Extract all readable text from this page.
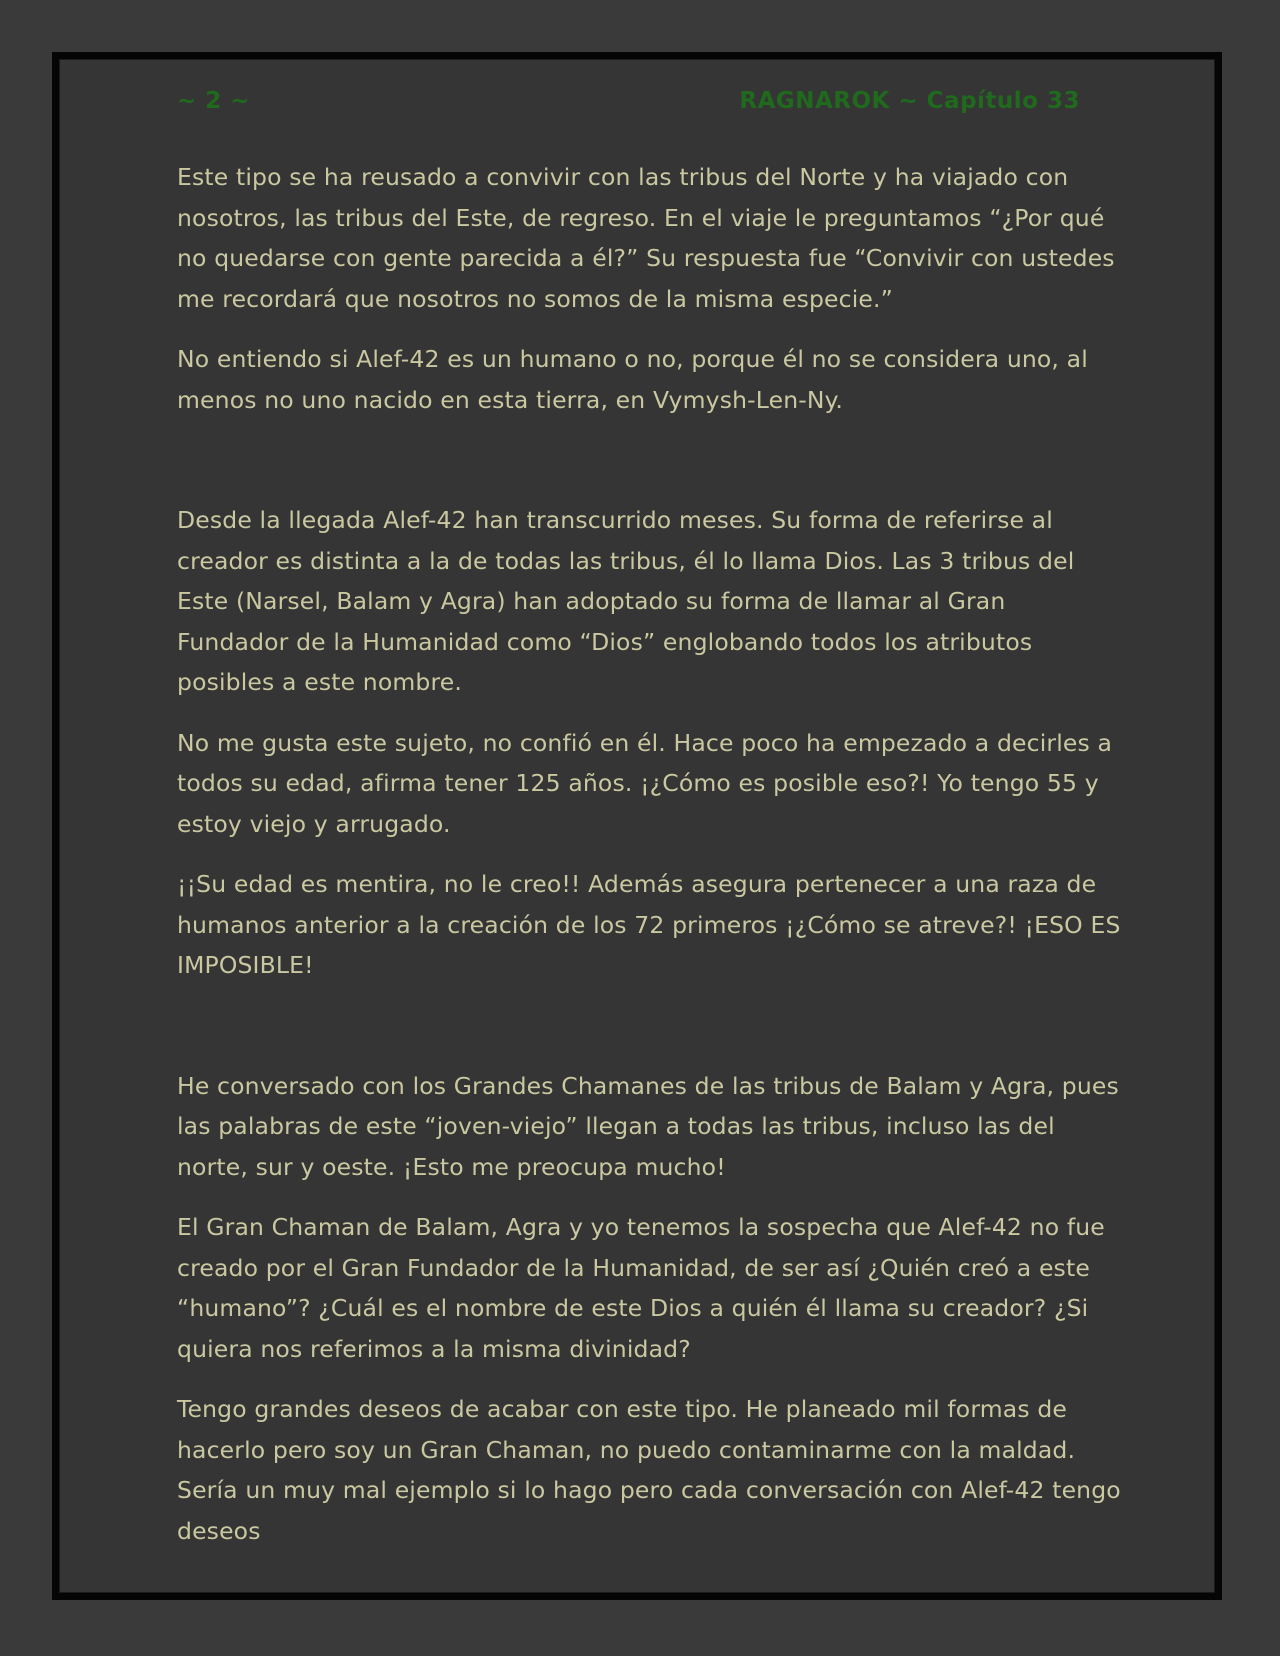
~ 2 ~	RAGNAROK ~ Capítulo 33

Este tipo se ha reusado a convivir con las tribus del Norte y ha viajado con nosotros, las tribus del Este, de regreso. En el viaje le preguntamos “¿Por qué no quedarse con gente parecida a él?” Su respuesta fue “Convivir con ustedes me recordará que nosotros no somos de la misma especie.”

No entiendo si Alef-42 es un humano o no, porque él no se considera uno, al menos no uno nacido en esta tierra, en Vymysh-Len-Ny.

Desde la llegada Alef-42 han transcurrido meses. Su forma de referirse al creador es distinta a la de todas las tribus, él lo llama Dios. Las 3 tribus del Este (Narsel, Balam y Agra) han adoptado su forma de llamar al Gran Fundador de la Humanidad como “Dios” englobando todos los atributos posibles a este nombre.

No me gusta este sujeto, no confió en él. Hace poco ha empezado a decirles a todos su edad, afirma tener 125 años. ¡¿Cómo es posible eso?! Yo tengo 55 y estoy viejo y arrugado.

¡¡Su edad es mentira, no le creo!! Además asegura pertenecer a una raza de humanos anterior a la creación de los 72 primeros ¡¿Cómo se atreve?! ¡ESO ES IMPOSIBLE!

He conversado con los Grandes Chamanes de las tribus de Balam y Agra, pues las palabras de este “joven-viejo” llegan a todas las tribus, incluso las del norte, sur y oeste. ¡Esto me preocupa mucho!

El Gran Chaman de Balam, Agra y yo tenemos la sospecha que Alef-42 no fue creado por el Gran Fundador de la Humanidad, de ser así ¿Quién creó a este “humano”? ¿Cuál es el nombre de este Dios a quién él llama su creador? ¿Si quiera nos referimos a la misma divinidad?

Tengo grandes deseos de acabar con este tipo. He planeado mil formas de hacerlo pero soy un Gran Chaman, no puedo contaminarme con la maldad. Sería un muy mal ejemplo si lo hago pero cada conversación con Alef-42 tengo deseos
